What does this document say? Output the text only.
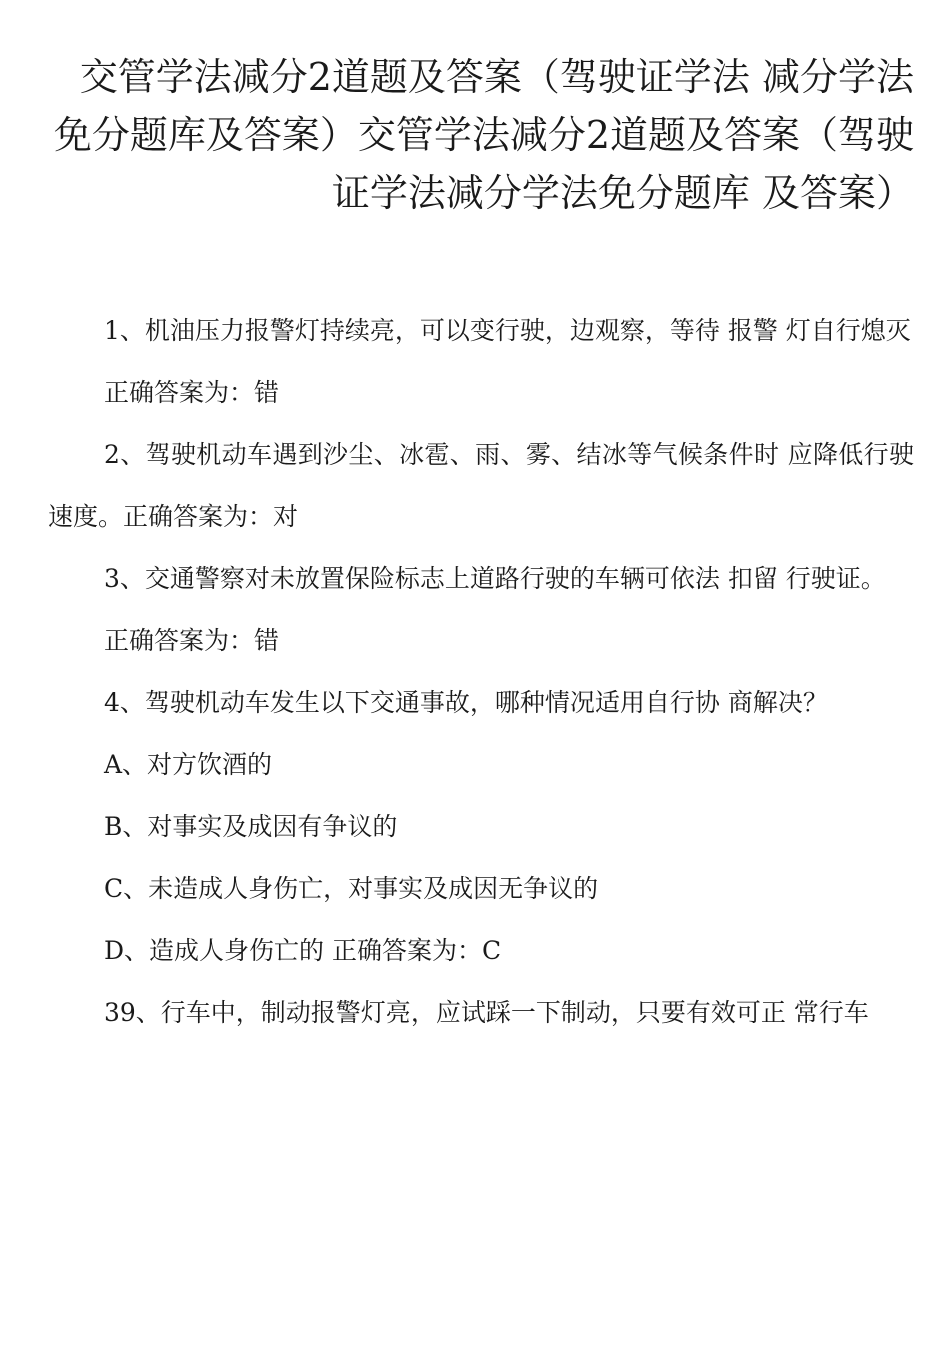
交管学法减分2道题及答案（驾驶证学法 减分学法免分题库及答案）交管学法减分2道题及答案（驾驶证学法减分学法免分题库 及答案）

1、机油压力报警灯持续亮，可以变行驶，边观察，等待 报警 灯自行熄灭

正确答案为：错

2、驾驶机动车遇到沙尘、冰雹、雨、雾、结冰等气候条件时 应降低行驶速度。正确答案为：对

3、交通警察对未放置保险标志上道路行驶的车辆可依法 扣留 行驶证。

正确答案为：错

4、驾驶机动车发生以下交通事故，哪种情况适用自行协 商解决？

A、对方饮酒的

B、对事实及成因有争议的

C、未造成人身伤亡，对事实及成因无争议的

D、造成人身伤亡的 正确答案为：C

39、行车中，制动报警灯亮，应试踩一下制动，只要有效可正 常行车
